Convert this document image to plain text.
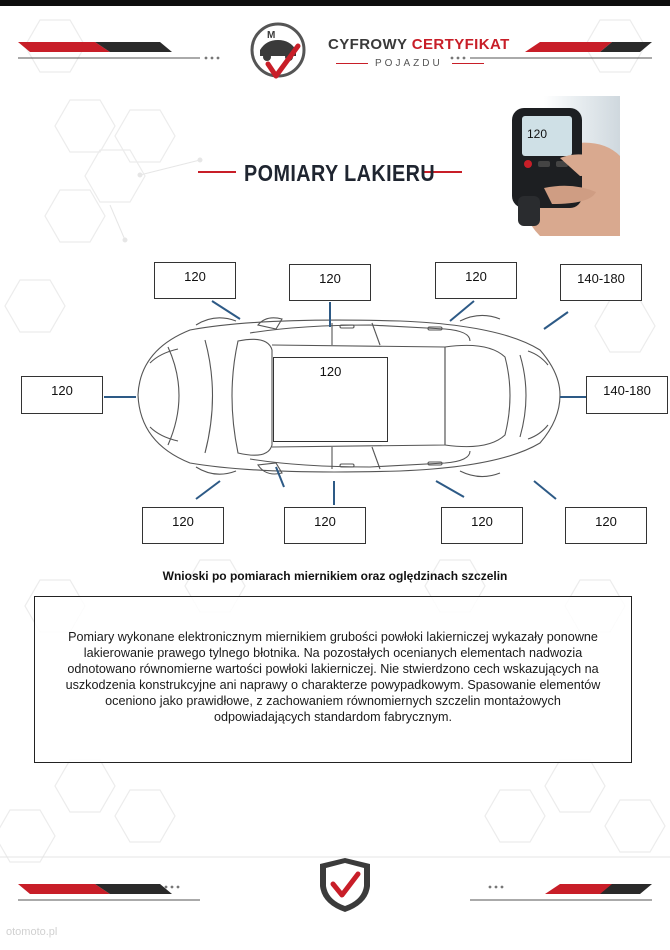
M
CYFROWY CERTYFIKAT
POJAZDU
120
POMIARY LAKIERU
120	120	120	140-180
120
120
140-180
120	120	120	120
Wnioski po pomiarach miernikiem oraz oględzinach szczelin
Pomiary wykonane elektronicznym miernikiem grubości powłoki lakierniczej wykazały ponowne
lakierowanie prawego tylnego błotnika. Na pozostałych ocenianych elementach nadwozia
odnotowano równomierne wartości powłoki lakierniczej. Nie stwierdzono cech wskazujących na
uszkodzenia konstrukcyjne ani naprawy o charakterze powypadkowym. Spasowanie elementów
oceniono jako prawidłowe, z zachowaniem równomiernych szczelin montażowych
odpowiadających standardom fabrycznym.
otomoto.pl
